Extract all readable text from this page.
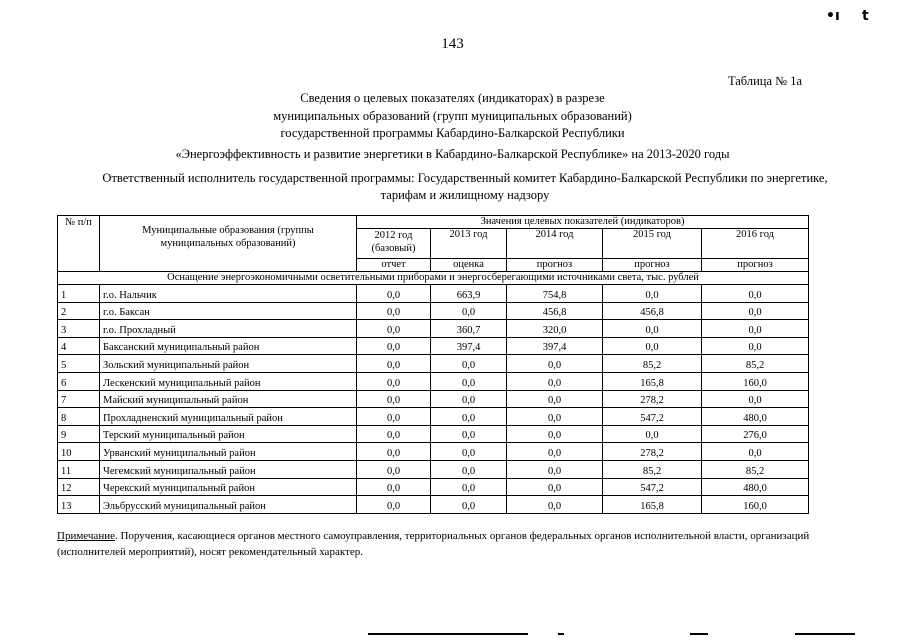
•ı t
143
Таблица № 1а
Сведения о целевых показателях (индикаторах) в разрезе
муниципальных образований (групп муниципальных образований)
государственной программы Кабардино-Балкарской Республики
«Энергоэффективность и развитие энергетики в Кабардино-Балкарской Республике» на 2013-2020 годы
Ответственный исполнитель государственной программы: Государственный комитет Кабардино-Балкарской Республики по энергетике,
тарифам и жилищному надзору
№ п/п	Муниципальные образования (группы муниципальных образований)	Значения целевых показателей (индикаторов)				
		2012 год (базовый)	2013 год	2014 год	2015 год	2016 год
		отчет	оценка	прогноз	прогноз	прогноз
Оснащение энергоэкономичными осветительными приборами и энергосберегающими источниками света, тыс. рублей						
1	г.о. Нальчик	0,0	663,9	754,8	0,0	0,0
2	г.о. Баксан	0,0	0,0	456,8	456,8	0,0
3	г.о. Прохладный	0,0	360,7	320,0	0,0	0,0
4	Баксанский муниципальный район	0,0	397,4	397,4	0,0	0,0
5	Зольский муниципальный район	0,0	0,0	0,0	85,2	85,2
6	Лескенский муниципальный район	0,0	0,0	0,0	165,8	160,0
7	Майский муниципальный район	0,0	0,0	0,0	278,2	0,0
8	Прохладненский муниципальный район	0,0	0,0	0,0	547,2	480,0
9	Терский муниципальный район	0,0	0,0	0,0	0,0	276,0
10	Урванский муниципальный район	0,0	0,0	0,0	278,2	0,0
11	Чегемский муниципальный район	0,0	0,0	0,0	85,2	85,2
12	Черекский муниципальный район	0,0	0,0	0,0	547,2	480,0
13	Эльбрусский муниципальный район	0,0	0,0	0,0	165,8	160,0
Примечание. Поручения, касающиеся органов местного самоуправления, территориальных органов федеральных органов исполнительной власти, организаций (исполнителей мероприятий), носят рекомендательный характер.
